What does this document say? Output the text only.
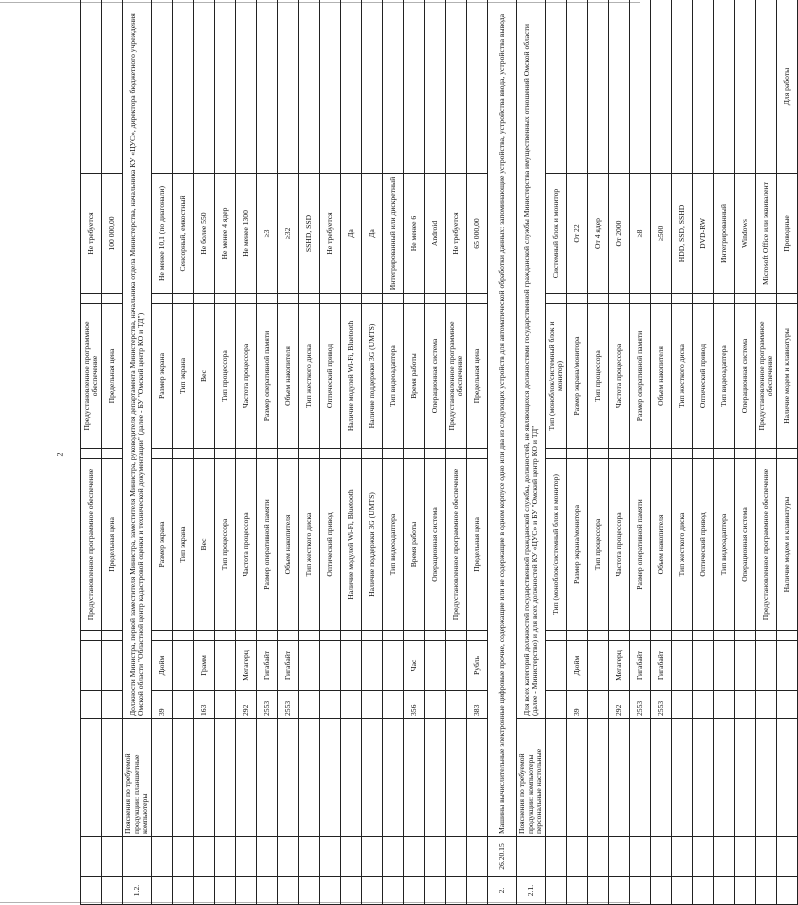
2
						Предустановленное программное обеспечение		Предустановленное программное обеспечение		Не требуется	
						Предельная цена		Предельная цена		100 000,00	
1.2.		Пояснения по требуемой продукции: планшетные компьютеры	Должности Министра, первой заместителя Министра, заместителя Министра, руководителя департамента Министерства, начальника отдела Министерства, начальника КУ «ЦУС», директора бюджетного учреждения Омской области "Областной центр кадастровой оценки и технической документации" (далее - БУ "Омский центр КО и ТД")								
			39	Дюйм		Размер экрана		Размер экрана		Не менее 10,1 (по диагонали)	
						Тип экрана		Тип экрана		Сенсорный, емкостный	
			163	Грамм		Вес		Вес		Не более 550	
						Тип процессора		Тип процессора		Не менее 4 ядер	
			292	Мегагерц		Частота процессора		Частота процессора		Не менее 1300	
			2553	Гигабайт		Размер оперативной памяти		Размер оперативной памяти		≥3	
			2553	Гигабайт		Объем накопителя		Объем накопителя		≥32	
						Тип жесткого диска		Тип жесткого диска		SSHD, SSD	
						Оптический привод		Оптический привод		Не требуется	
						Наличие модулей Wi-Fi, Bluetooth		Наличие модулей Wi-Fi, Bluetooth		Да	
						Наличие поддержки 3G (UMTS)		Наличие поддержки 3G (UMTS)		Да	
						Тип видеоадаптера		Тип видеоадаптера		Интегрированный или дискретный	
			356	Час		Время работы		Время работы		Не менее 6	
						Операционная система		Операционная система		Android	
						Предустановленное программное обеспечение		Предустановленное программное обеспечение		Не требуется	
			383	Рубль		Предельная цена		Предельная цена		65 000,00	
2.	26.20.15	Машины вычислительные электронные цифровые прочие, содержащие или не содержащие в одном корпусе одно или два из следующих устройств для автоматической обработки данных: запоминающие устройства, устройства ввода, устройства вывода									
2.1.		Пояснения по требуемой продукции: компьютеры персональные настольные	Для всех категорий должностей государственной гражданской службы, должностей, не являющихся должностями государственной гражданской службы Министерства имущественных отношений Омской области (далее - Министерство) и для всех должностей КУ «ЦУС» и БУ "Омский центр КО и ТД"								
						Тип (моноблок/системный блок и монитор)		Тип (моноблок/системный блок и монитор)		Системный блок и монитор	
			39	Дюйм		Размер экрана/монитора		Размер экрана/монитора		От 22	
						Тип процессора		Тип процессора		От 4 ядер	
			292	Мегагерц		Частота процессора		Частота процессора		От 2000	
			2553	Гигабайт		Размер оперативной памяти		Размер оперативной памяти		≥8	
			2553	Гигабайт		Объем накопителя		Объем накопителя		≥500	
						Тип жесткого диска		Тип жесткого диска		HDD, SSD, SSHD	
						Оптический привод		Оптический привод		DVD-RW	
						Тип видеоадаптера		Тип видеоадаптера		Интегрированный	
						Операционная система		Операционная система		Windows	
						Предустановленное программное обеспечение		Предустановленное программное обеспечение		Microsoft Office или эквивалент	
						Наличие модем и клавиатуры		Наличие модем и клавиатуры		Проводные	Для работы
